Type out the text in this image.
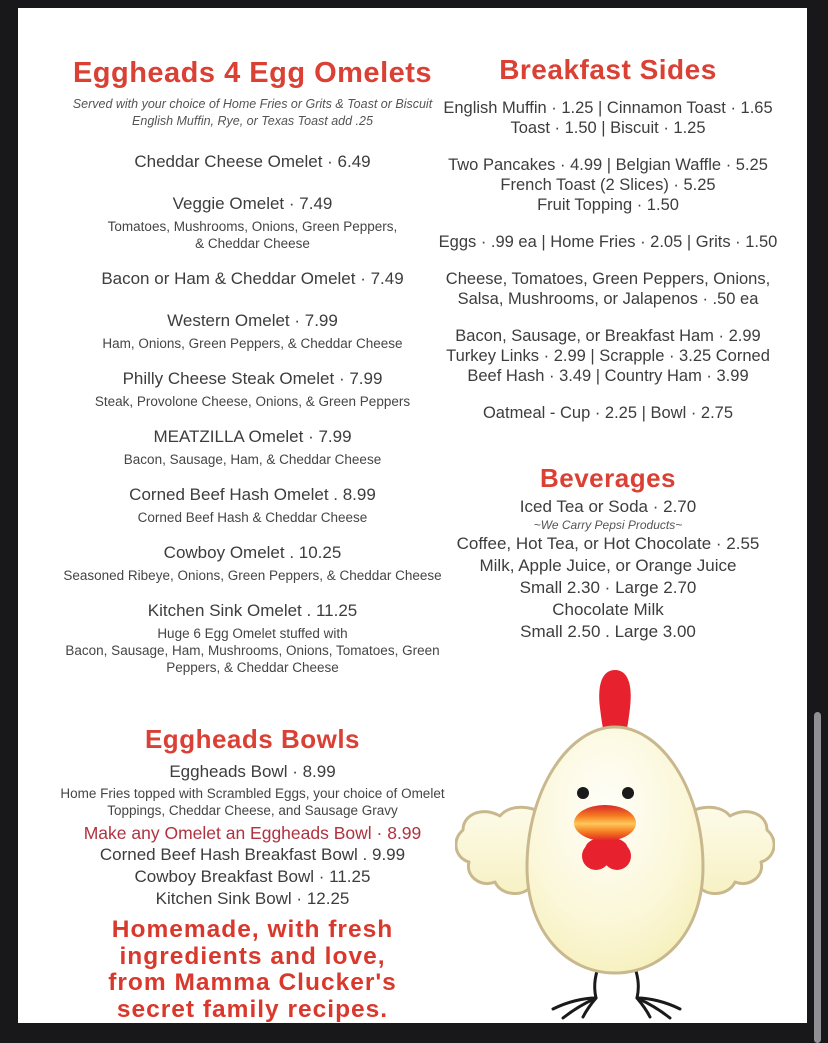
Eggheads 4 Egg Omelets

Served with your choice of Home Fries or Grits & Toast or Biscuit

English Muffin, Rye, or Texas Toast add .25

Cheddar Cheese Omelet · 6.49
Veggie Omelet · 7.49
Tomatoes, Mushrooms, Onions, Green Peppers,
& Cheddar Cheese
Bacon or Ham & Cheddar Omelet · 7.49
Western Omelet · 7.99
Ham, Onions, Green Peppers, & Cheddar Cheese
Philly Cheese Steak Omelet · 7.99
Steak, Provolone Cheese, Onions, & Green Peppers
MEATZILLA Omelet · 7.99
Bacon, Sausage, Ham, & Cheddar Cheese
Corned Beef Hash Omelet . 8.99
Corned Beef Hash & Cheddar Cheese
Cowboy Omelet . 10.25
Seasoned Ribeye, Onions, Green Peppers, & Cheddar Cheese
Kitchen Sink Omelet . 11.25
Huge 6 Egg Omelet stuffed with
Bacon, Sausage, Ham, Mushrooms, Onions, Tomatoes, Green
Peppers, & Cheddar Cheese
Eggheads Bowls
Eggheads Bowl · 8.99
Home Fries topped with Scrambled Eggs, your choice of Omelet
Toppings, Cheddar Cheese, and Sausage Gravy
Make any Omelet an Eggheads Bowl · 8.99
Corned Beef Hash Breakfast Bowl . 9.99
Cowboy Breakfast Bowl · 11.25
Kitchen Sink Bowl · 12.25
Homemade, with fresh
ingredients and love,
from Mamma Clucker's
secret family recipes.
Breakfast Sides
English Muffin · 1.25 | Cinnamon Toast · 1.65
Toast · 1.50 | Biscuit · 1.25
Two Pancakes · 4.99 | Belgian Waffle · 5.25
French Toast (2 Slices) · 5.25
Fruit Topping · 1.50
Eggs · .99 ea | Home Fries · 2.05 | Grits · 1.50
Cheese, Tomatoes, Green Peppers, Onions,
Salsa, Mushrooms, or Jalapenos · .50 ea
Bacon, Sausage, or Breakfast Ham · 2.99
Turkey Links · 2.99 | Scrapple · 3.25 Corned
Beef Hash · 3.49 | Country Ham · 3.99
Oatmeal - Cup · 2.25 | Bowl · 2.75
Beverages
Iced Tea or Soda · 2.70
~We Carry Pepsi Products~
Coffee, Hot Tea, or Hot Chocolate · 2.55
Milk, Apple Juice, or Orange Juice
Small 2.30 · Large 2.70
Chocolate Milk
Small 2.50 . Large 3.00
